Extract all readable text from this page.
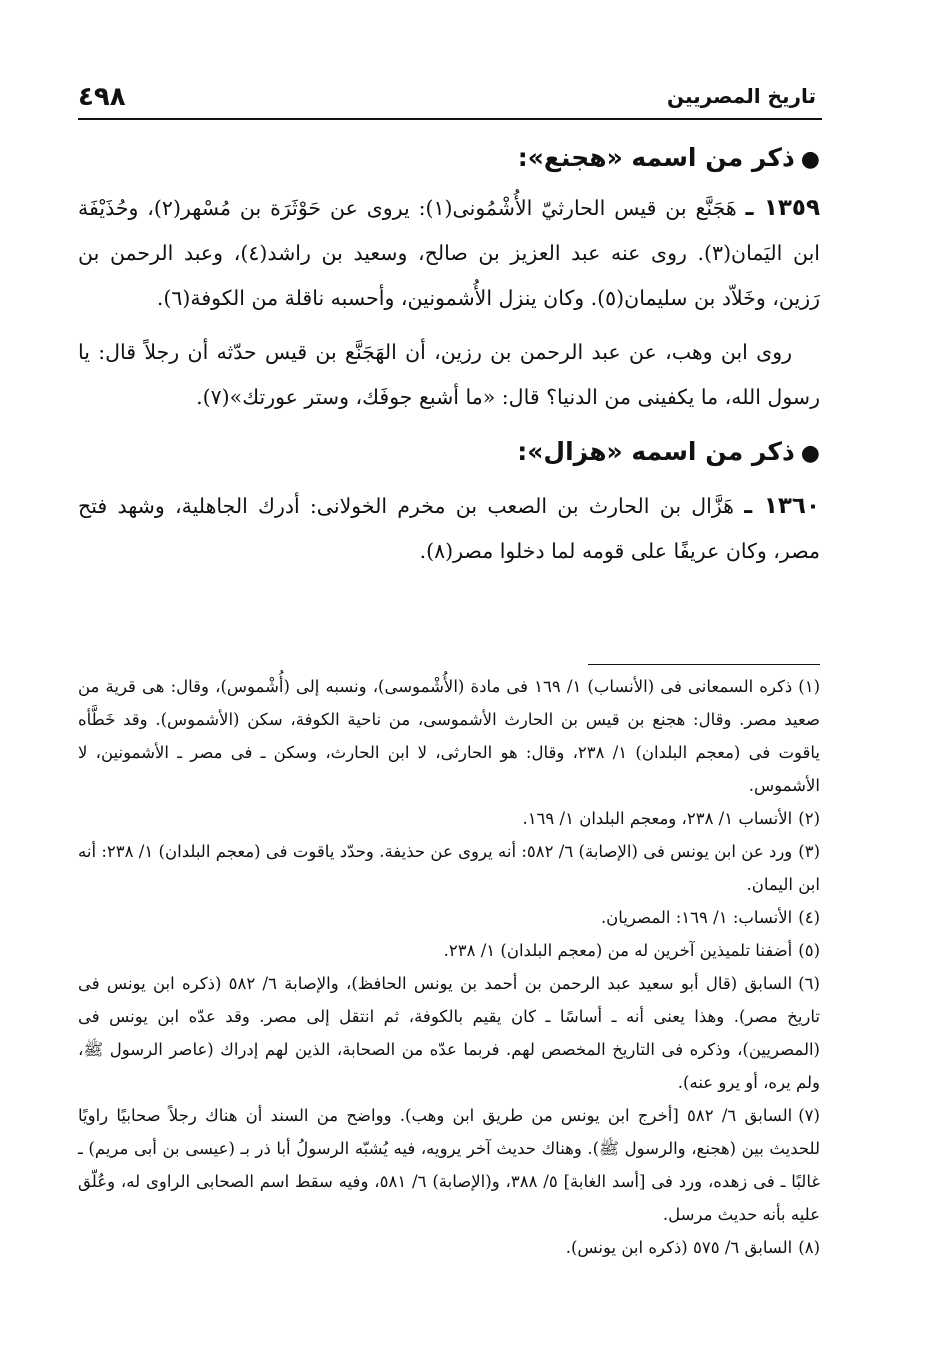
٤٩٨	تاريخ المصريين
●ذكر من اسمه «هجنع»:
١٣٥٩ ـ هَجَنَّع بن قيس الحارثيّ الأُشْمُونى(١): يروى عن حَوْثَرَة بن مُسْهر(٢)، وحُذَيْفَة ابن اليَمان(٣). روى عنه عبد العزيز بن صالح، وسعيد بن راشد(٤)، وعبد الرحمن بن رَزين، وخَلاّد بن سليمان(٥). وكان ينزل الأُشمونين، وأحسبه ناقلة من الكوفة(٦).
روى ابن وهب، عن عبد الرحمن بن رزين، أن الهَجَنَّع بن قيس حدّثه أن رجلاً قال: يا رسول الله، ما يكفينى من الدنيا؟ قال: «ما أشبع جوفَك، وستر عورتك»(٧).
●ذكر من اسمه «هزال»:
١٣٦٠ ـ هَزَّال بن الحارث بن الصعب بن مخرم الخولانى: أدرك الجاهلية، وشهد فتح مصر، وكان عريفًا على قومه لما دخلوا مصر(٨).

(١)ذكره السمعانى فى (الأنساب) ١/ ١٦٩ فى مادة (الأُشْموسى)، ونسبه إلى (أُشْموس)، وقال: هى قرية من صعيد مصر. وقال: هجنع بن قيس بن الحارث الأشموسى، من ناحية الكوفة، سكن (الأشموس). وقد خَطَّأه ياقوت فى (معجم البلدان) ١/ ٢٣٨، وقال: هو الحارثى، لا ابن الحارث، وسكن ـ فى مصر ـ الأشمونين، لا الأشموس.

(٢)الأنساب ١/ ٢٣٨، ومعجم البلدان ١/ ١٦٩.

(٣)ورد عن ابن يونس فى (الإصابة) ٦/ ٥٨٢: أنه يروى عن حذيفة. وحدّد ياقوت فى (معجم البلدان) ١/ ٢٣٨: أنه ابن اليمان.

(٤)الأنساب: ١/ ١٦٩: المصريان.

(٥)أضفنا تلميذين آخرين له من (معجم البلدان) ١/ ٢٣٨.

(٦)السابق (قال أبو سعيد عبد الرحمن بن أحمد بن يونس الحافظ)، والإصابة ٦/ ٥٨٢ (ذكره ابن يونس فى تاريخ مصر). وهذا يعنى أنه ـ أساسًا ـ كان يقيم بالكوفة، ثم انتقل إلى مصر. وقد عدّه ابن يونس فى (المصريين)، وذكره فى التاريخ المخصص لهم. فربما عدّه من الصحابة، الذين لهم إدراك (عاصر الرسول ﷺ، ولم يره، أو يرو عنه).

(٧)السابق ٦/ ٥٨٢ [أخرج ابن يونس من طريق ابن وهب). وواضح من السند أن هناك رجلاً صحابيًا راويًا للحديث بين (هجنع، والرسول ﷺ). وهناك حديث آخر يرويه، فيه يُشبّه الرسولُ أبا ذر بـ (عيسى بن أبى مريم) ـ غالبًا ـ فى زهده، ورد فى [أسد الغابة] ٥/ ٣٨٨، و(الإصابة) ٦/ ٥٨١، وفيه سقط اسم الصحابى الراوى له، وعُلّق عليه بأنه حديث مرسل.

(٨)السابق ٦/ ٥٧٥ (ذكره ابن يونس).
